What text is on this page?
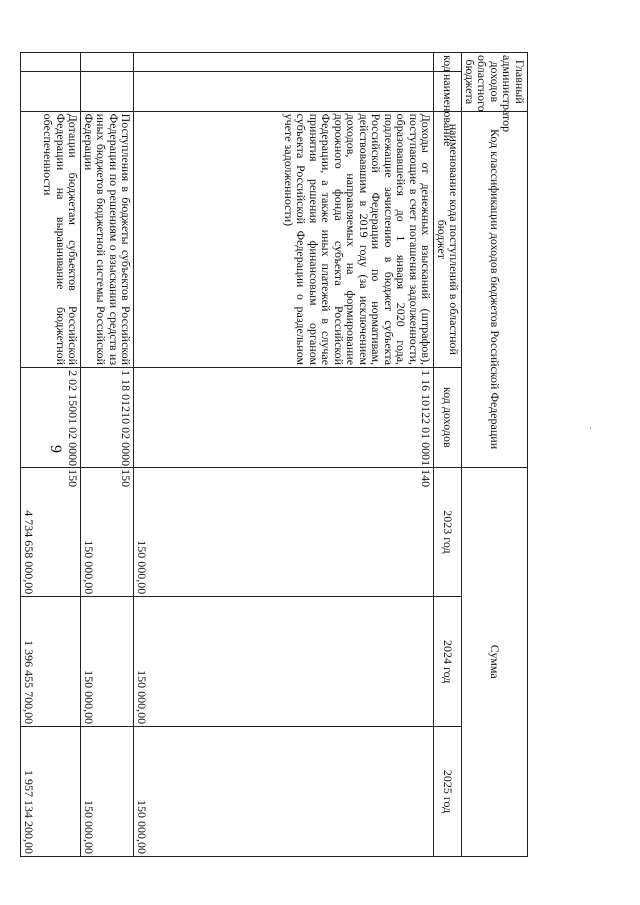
9
Главный администратор доходов областного бюджета		Код классификации доходов бюджетов Российской Федерации		Сумма		
код	наименование	наименование кода поступлений в областной бюджет	код доходов	2023 год	2024 год	2025 год
		Доходы от денежных взысканий (штрафов), поступающие в счет погашения задолженности, образовавшейся до 1 января 2020 года, подлежащие зачислению в бюджет субъекта Российской Федерации по нормативам, действовавшим в 2019 году (за исключением доходов, направляемых на формирование дорожного фонда субъекта Российской Федерации, а также иных платежей в случае принятия решения финансовым органом субъекта Российской Федерации о раздельном учете задолженности)	1 16 10122 01 0001 140	150 000,00	150 000,00	150 000,00
		Поступления в бюджеты субъектов Российской Федерации по решениям о взыскании средств из иных бюджетов бюджетной системы Российской Федерации	1 18 01210 02 0000 150	150 000,00	150 000,00	150 000,00
		Дотации бюджетам субъектов Российской Федерации на выравнивание бюджетной обеспеченности	2 02 15001 02 0000 150	4 734 658 000,00	1 396 455 700,00	1 957 134 200,00
